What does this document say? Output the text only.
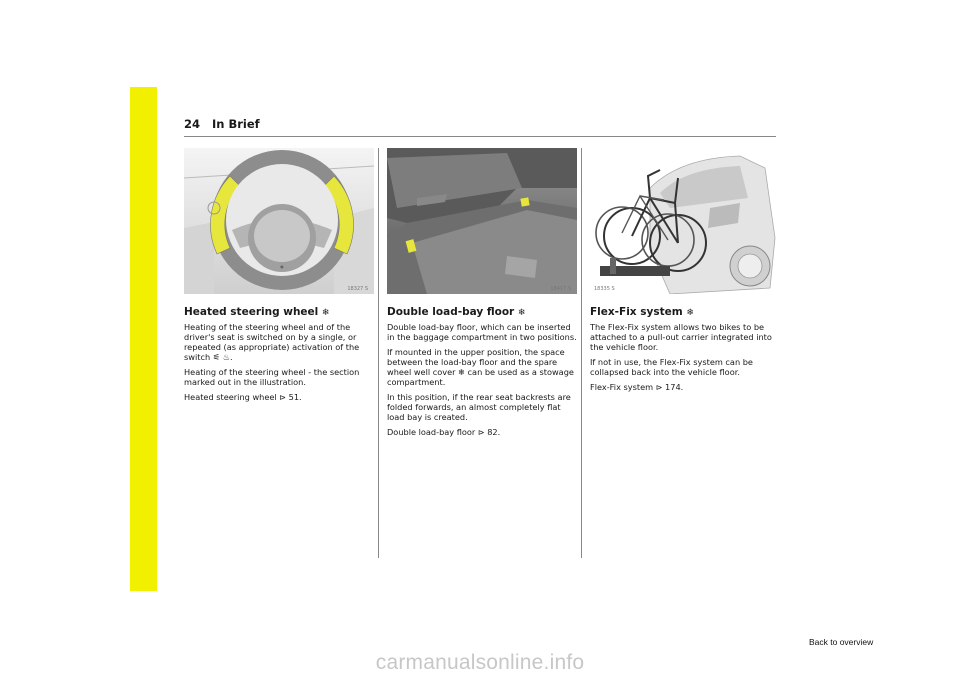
24 In Brief
●
18327 S
Heated steering wheel ❄

Heating of the steering wheel and of the driver's seat is switched on by a single, or repeated (as appropriate) activation of the switch ⚟ ♨.

Heating of the steering wheel - the section marked out in the illustration.

Heated steering wheel ⊳ 51.

18417 S
Double load-bay floor ❄

Double load-bay floor, which can be inserted in the baggage compartment in two positions.

If mounted in the upper position, the space between the load-bay floor and the spare wheel well cover ❄ can be used as a stowage compartment.

In this position, if the rear seat backrests are folded forwards, an almost completely flat load bay is created.

Double load-bay floor ⊳ 82.

18335 S
Flex-Fix system ❄

The Flex-Fix system allows two bikes to be attached to a pull-out carrier integrated into the vehicle floor.

If not in use, the Flex-Fix system can be collapsed back into the vehicle floor.

Flex-Fix system ⊳ 174.

Back to overview
carmanualsonline.info
